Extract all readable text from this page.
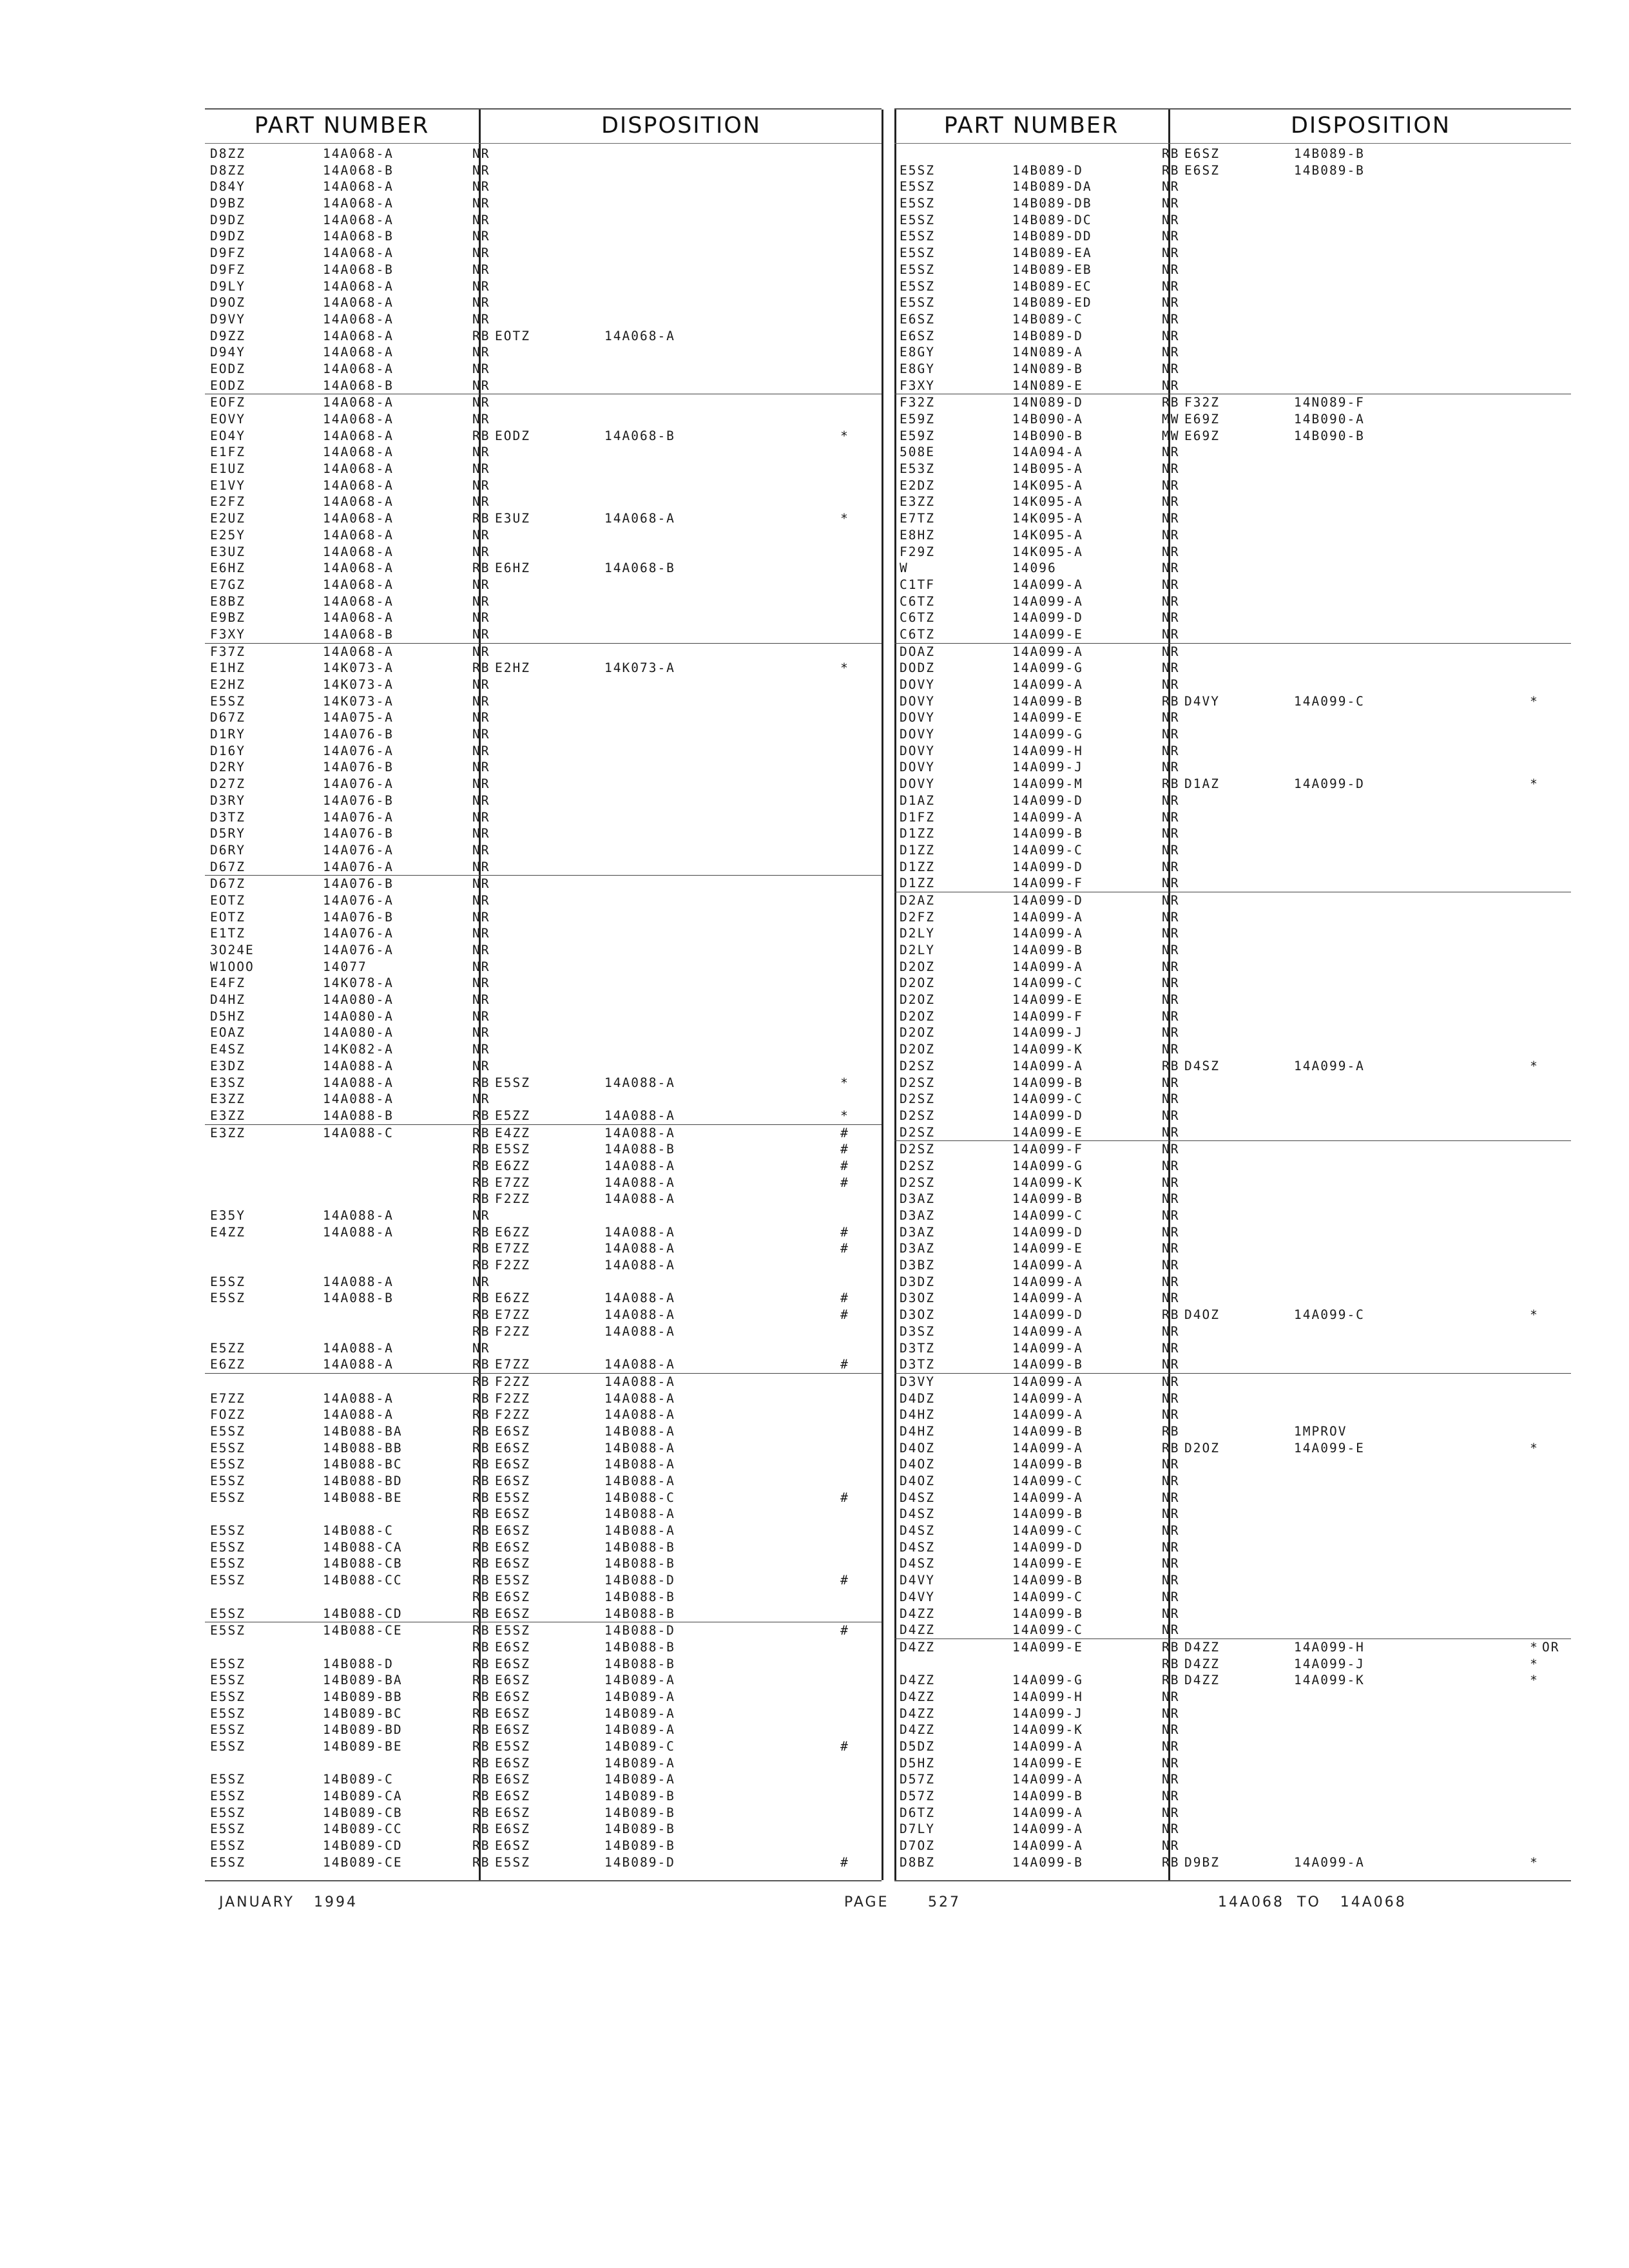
PART NUMBER	DISPOSITION
D8ZZ	14A068-A	NR
D8ZZ	14A068-B	NR
D84Y	14A068-A	NR
D9BZ	14A068-A	NR
D9DZ	14A068-A	NR
D9DZ	14A068-B	NR
D9FZ	14A068-A	NR
D9FZ	14A068-B	NR
D9LY	14A068-A	NR
D9OZ	14A068-A	NR
D9VY	14A068-A	NR
D9ZZ	14A068-A	RB EOTZ	14A068-A
D94Y	14A068-A	NR
EODZ	14A068-A	NR
EODZ	14A068-B	NR
EOFZ	14A068-A	NR
EOVY	14A068-A	NR
EO4Y	14A068-A	RB EODZ	14A068-B	*
E1FZ	14A068-A	NR
E1UZ	14A068-A	NR
E1VY	14A068-A	NR
E2FZ	14A068-A	NR
E2UZ	14A068-A	RB E3UZ	14A068-A	*
E25Y	14A068-A	NR
E3UZ	14A068-A	NR
E6HZ	14A068-A	RB E6HZ	14A068-B
E7GZ	14A068-A	NR
E8BZ	14A068-A	NR
E9BZ	14A068-A	NR
F3XY	14A068-B	NR
F37Z	14A068-A	NR
E1HZ	14K073-A	RB E2HZ	14K073-A	*
E2HZ	14K073-A	NR
E5SZ	14K073-A	NR
D67Z	14A075-A	NR
D1RY	14A076-B	NR
D16Y	14A076-A	NR
D2RY	14A076-B	NR
D27Z	14A076-A	NR
D3RY	14A076-B	NR
D3TZ	14A076-A	NR
D5RY	14A076-B	NR
D6RY	14A076-A	NR
D67Z	14A076-A	NR
D67Z	14A076-B	NR
EOTZ	14A076-A	NR
EOTZ	14A076-B	NR
E1TZ	14A076-A	NR
3O24E	14A076-A	NR
W1OOO	14077	NR
E4FZ	14K078-A	NR
D4HZ	14A080-A	NR
D5HZ	14A080-A	NR
EOAZ	14A080-A	NR
E4SZ	14K082-A	NR
E3DZ	14A088-A	NR
E3SZ	14A088-A	RB E5SZ	14A088-A	*
E3ZZ	14A088-A	NR
E3ZZ	14A088-B	RB E5ZZ	14A088-A	*
E3ZZ	14A088-C	RB E4ZZ	14A088-A	#
RB E5SZ	14A088-B	#
RB E6ZZ	14A088-A	#
RB E7ZZ	14A088-A	#
RB F2ZZ	14A088-A
E35Y	14A088-A	NR
E4ZZ	14A088-A	RB E6ZZ	14A088-A	#
RB E7ZZ	14A088-A	#
RB F2ZZ	14A088-A
E5SZ	14A088-A	NR
E5SZ	14A088-B	RB E6ZZ	14A088-A	#
RB E7ZZ	14A088-A	#
RB F2ZZ	14A088-A
E5ZZ	14A088-A	NR
E6ZZ	14A088-A	RB E7ZZ	14A088-A	#
RB F2ZZ	14A088-A
E7ZZ	14A088-A	RB F2ZZ	14A088-A
FOZZ	14A088-A	RB F2ZZ	14A088-A
E5SZ	14B088-BA	RB E6SZ	14B088-A
E5SZ	14B088-BB	RB E6SZ	14B088-A
E5SZ	14B088-BC	RB E6SZ	14B088-A
E5SZ	14B088-BD	RB E6SZ	14B088-A
E5SZ	14B088-BE	RB E5SZ	14B088-C	#
RB E6SZ	14B088-A
E5SZ	14B088-C	RB E6SZ	14B088-A
E5SZ	14B088-CA	RB E6SZ	14B088-B
E5SZ	14B088-CB	RB E6SZ	14B088-B
E5SZ	14B088-CC	RB E5SZ	14B088-D	#
RB E6SZ	14B088-B
E5SZ	14B088-CD	RB E6SZ	14B088-B
E5SZ	14B088-CE	RB E5SZ	14B088-D	#
RB E6SZ	14B088-B
E5SZ	14B088-D	RB E6SZ	14B088-B
E5SZ	14B089-BA	RB E6SZ	14B089-A
E5SZ	14B089-BB	RB E6SZ	14B089-A
E5SZ	14B089-BC	RB E6SZ	14B089-A
E5SZ	14B089-BD	RB E6SZ	14B089-A
E5SZ	14B089-BE	RB E5SZ	14B089-C	#
RB E6SZ	14B089-A
E5SZ	14B089-C	RB E6SZ	14B089-A
E5SZ	14B089-CA	RB E6SZ	14B089-B
E5SZ	14B089-CB	RB E6SZ	14B089-B
E5SZ	14B089-CC	RB E6SZ	14B089-B
E5SZ	14B089-CD	RB E6SZ	14B089-B
E5SZ	14B089-CE	RB E5SZ	14B089-D	#
PART NUMBER	DISPOSITION
RB E6SZ	14B089-B
E5SZ	14B089-D	RB E6SZ	14B089-B
E5SZ	14B089-DA	NR
E5SZ	14B089-DB	NR
E5SZ	14B089-DC	NR
E5SZ	14B089-DD	NR
E5SZ	14B089-EA	NR
E5SZ	14B089-EB	NR
E5SZ	14B089-EC	NR
E5SZ	14B089-ED	NR
E6SZ	14B089-C	NR
E6SZ	14B089-D	NR
E8GY	14N089-A	NR
E8GY	14N089-B	NR
F3XY	14N089-E	NR
F32Z	14N089-D	RB F32Z	14N089-F
E59Z	14B090-A	MW E69Z	14B090-A
E59Z	14B090-B	MW E69Z	14B090-B
508E	14A094-A	NR
E53Z	14B095-A	NR
E2DZ	14K095-A	NR
E3ZZ	14K095-A	NR
E7TZ	14K095-A	NR
E8HZ	14K095-A	NR
F29Z	14K095-A	NR
W	14096	NR
C1TF	14A099-A	NR
C6TZ	14A099-A	NR
C6TZ	14A099-D	NR
C6TZ	14A099-E	NR
DOAZ	14A099-A	NR
DODZ	14A099-G	NR
DOVY	14A099-A	NR
DOVY	14A099-B	RB D4VY	14A099-C	*
DOVY	14A099-E	NR
DOVY	14A099-G	NR
DOVY	14A099-H	NR
DOVY	14A099-J	NR
DOVY	14A099-M	RB D1AZ	14A099-D	*
D1AZ	14A099-D	NR
D1FZ	14A099-A	NR
D1ZZ	14A099-B	NR
D1ZZ	14A099-C	NR
D1ZZ	14A099-D	NR
D1ZZ	14A099-F	NR
D2AZ	14A099-D	NR
D2FZ	14A099-A	NR
D2LY	14A099-A	NR
D2LY	14A099-B	NR
D2OZ	14A099-A	NR
D2OZ	14A099-C	NR
D2OZ	14A099-E	NR
D2OZ	14A099-F	NR
D2OZ	14A099-J	NR
D2OZ	14A099-K	NR
D2SZ	14A099-A	RB D4SZ	14A099-A	*
D2SZ	14A099-B	NR
D2SZ	14A099-C	NR
D2SZ	14A099-D	NR
D2SZ	14A099-E	NR
D2SZ	14A099-F	NR
D2SZ	14A099-G	NR
D2SZ	14A099-K	NR
D3AZ	14A099-B	NR
D3AZ	14A099-C	NR
D3AZ	14A099-D	NR
D3AZ	14A099-E	NR
D3BZ	14A099-A	NR
D3DZ	14A099-A	NR
D3OZ	14A099-A	NR
D3OZ	14A099-D	RB D4OZ	14A099-C	*
D3SZ	14A099-A	NR
D3TZ	14A099-A	NR
D3TZ	14A099-B	NR
D3VY	14A099-A	NR
D4DZ	14A099-A	NR
D4HZ	14A099-A	NR
D4HZ	14A099-B	RB	1MPROV
D4OZ	14A099-A	RB D2OZ	14A099-E	*
D4OZ	14A099-B	NR
D4OZ	14A099-C	NR
D4SZ	14A099-A	NR
D4SZ	14A099-B	NR
D4SZ	14A099-C	NR
D4SZ	14A099-D	NR
D4SZ	14A099-E	NR
D4VY	14A099-B	NR
D4VY	14A099-C	NR
D4ZZ	14A099-B	NR
D4ZZ	14A099-C	NR
D4ZZ	14A099-E	RB D4ZZ	14A099-H	* OR
RB D4ZZ	14A099-J	*
D4ZZ	14A099-G	RB D4ZZ	14A099-K	*
D4ZZ	14A099-H	NR
D4ZZ	14A099-J	NR
D4ZZ	14A099-K	NR
D5DZ	14A099-A	NR
D5HZ	14A099-E	NR
D57Z	14A099-A	NR
D57Z	14A099-B	NR
D6TZ	14A099-A	NR
D7LY	14A099-A	NR
D7OZ	14A099-A	NR
D8BZ	14A099-B	RB D9BZ	14A099-A	*
JANUARY   1994	PAGE	527	14A068  TO   14A068
